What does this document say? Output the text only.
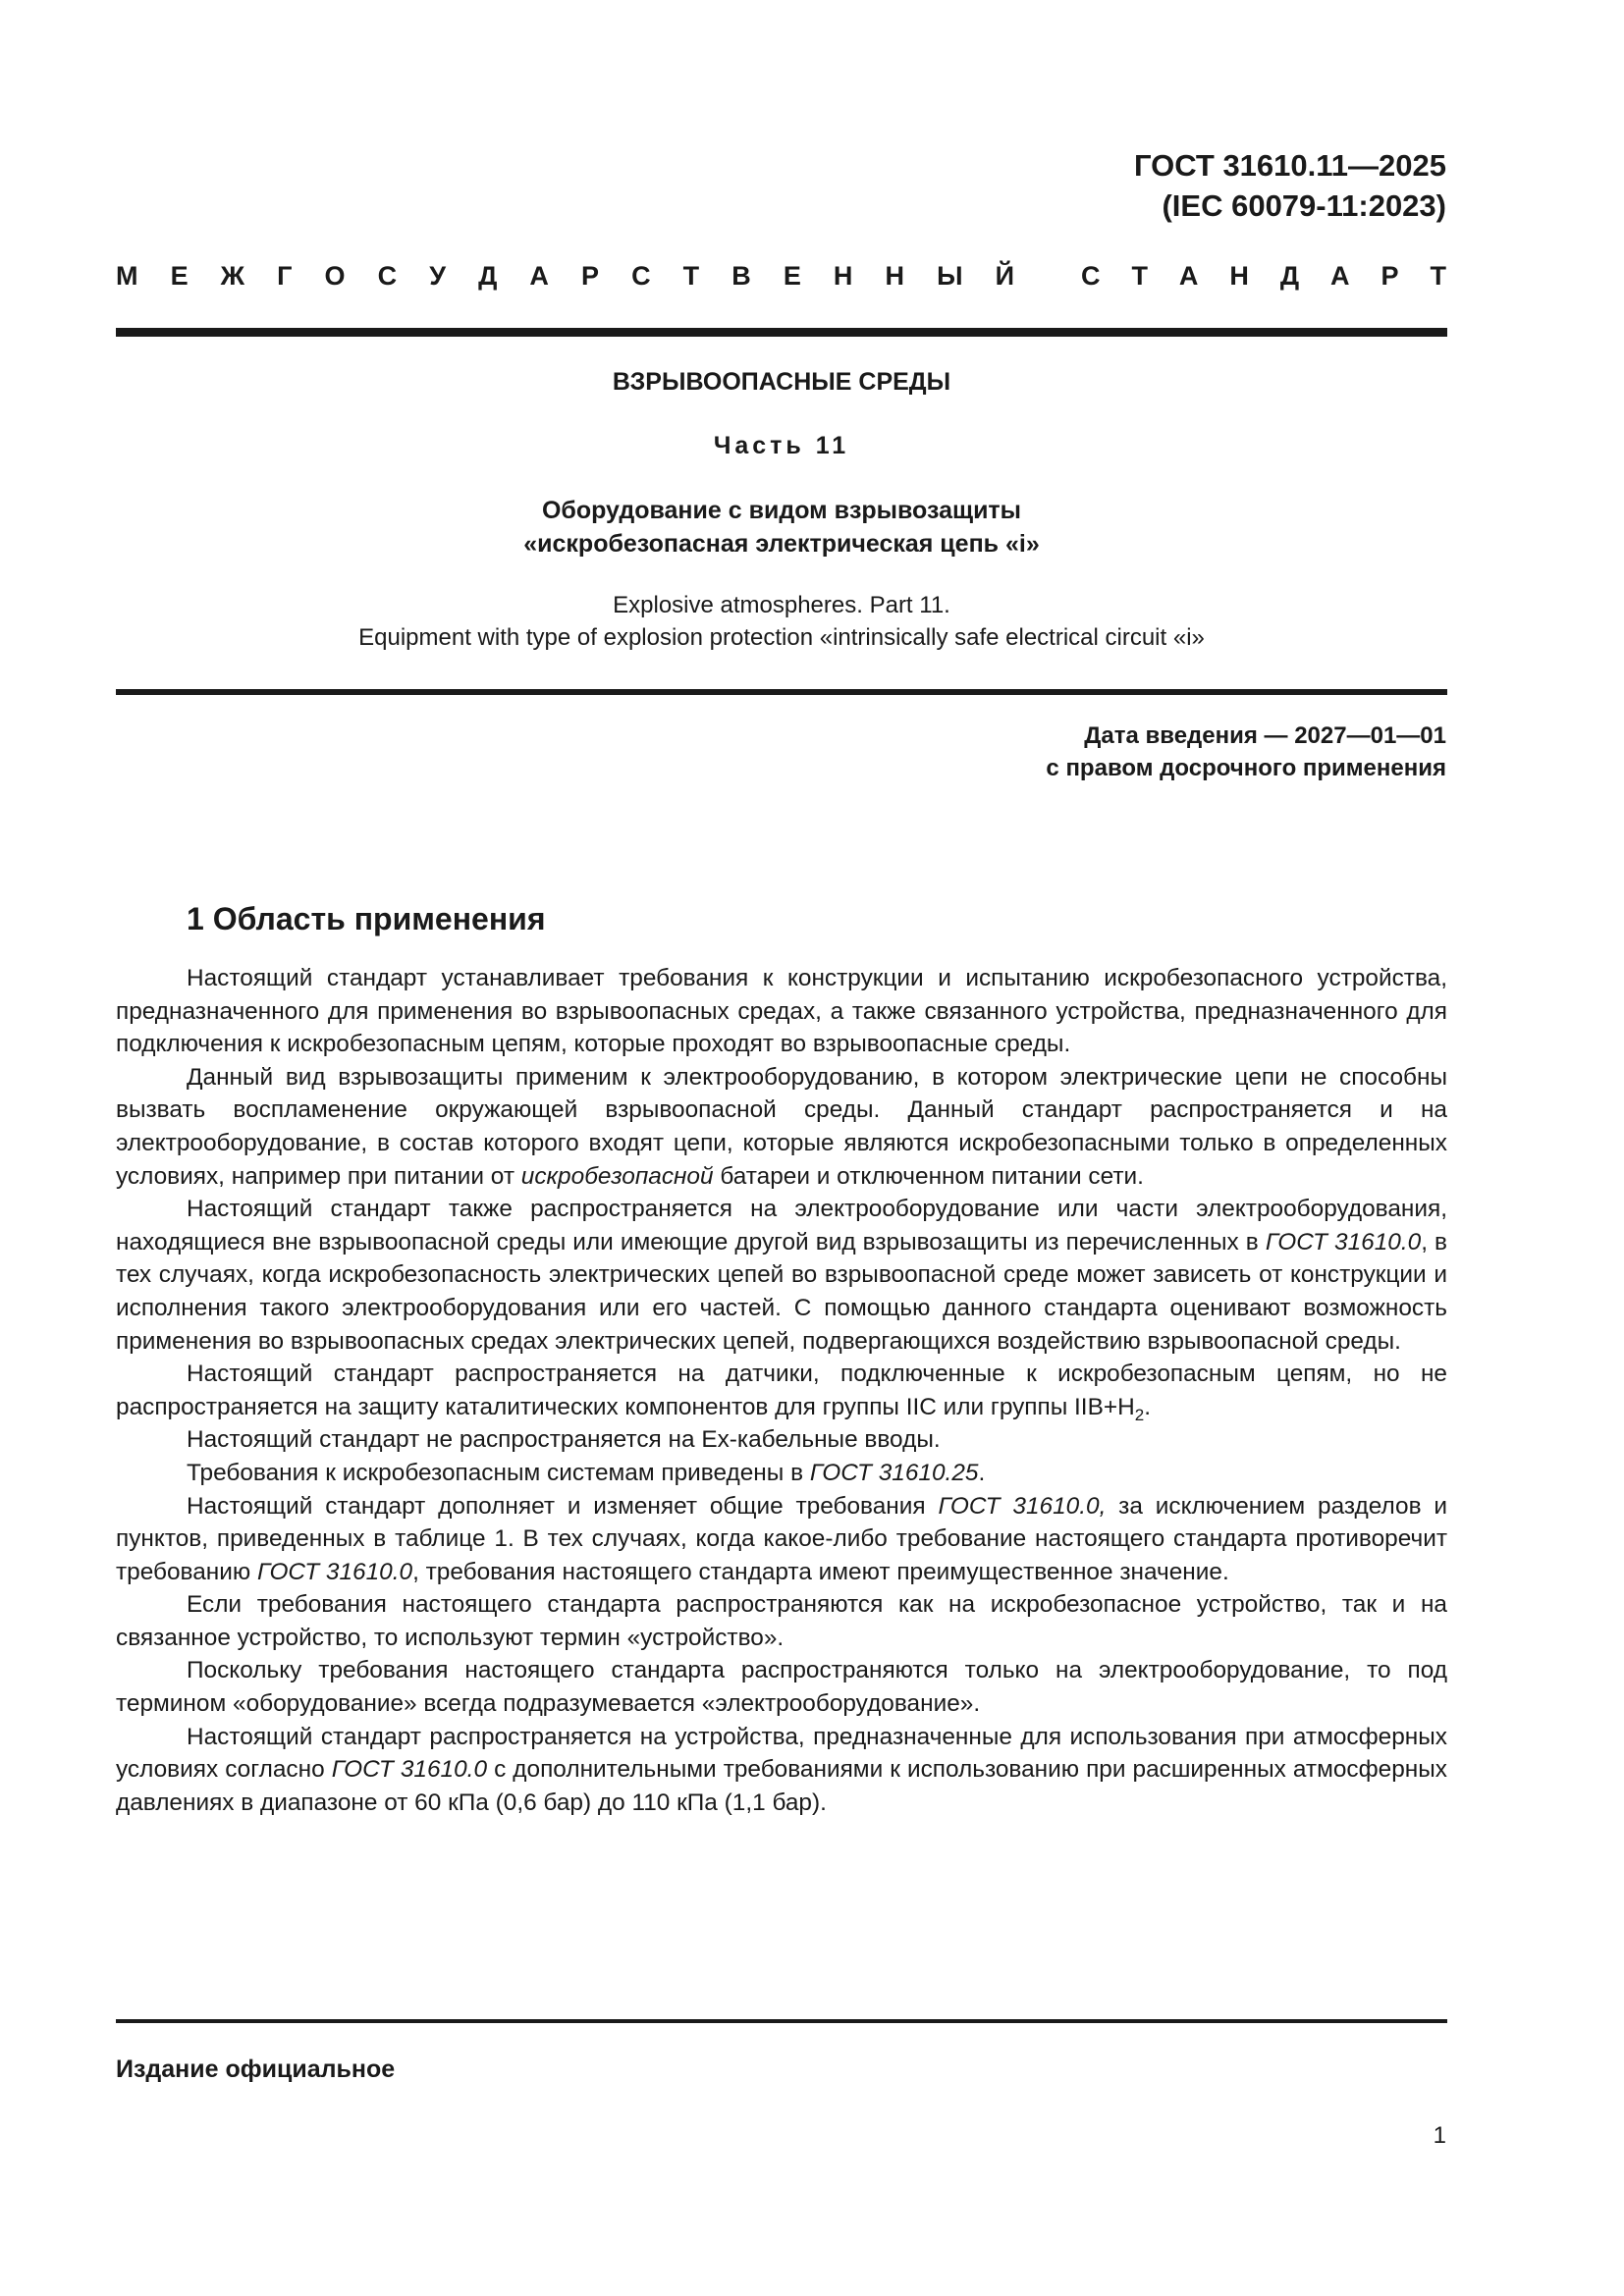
ГОСТ 31610.11—2025
(IEC 60079-11:2023)
М Е Ж Г О С У Д А Р С Т В Е Н Н Ы Й	С Т А Н Д А Р Т
ВЗРЫВООПАСНЫЕ СРЕДЫ
Часть 11
Оборудование с видом взрывозащиты
«искробезопасная электрическая цепь «i»
Explosive atmospheres. Part 11.
Equipment with type of explosion protection «intrinsically safe electrical circuit «i»
Дата введения — 2027—01—01
с правом досрочного применения
1 Область применения

Настоящий стандарт устанавливает требования к конструкции и испытанию искробезопасного устройства, предназначенного для применения во взрывоопасных средах, а также связанного устройства, предназначенного для подключения к искробезопасным цепям, которые проходят во взрывоопасные среды.

Данный вид взрывозащиты применим к электрооборудованию, в котором электрические цепи не способны вызвать воспламенение окружающей взрывоопасной среды. Данный стандарт распространяется и на электрооборудование, в состав которого входят цепи, которые являются искробезопасными только в определенных условиях, например при питании от искробезопасной батареи и отключенном питании сети.

Настоящий стандарт также распространяется на электрооборудование или части электрооборудования, находящиеся вне взрывоопасной среды или имеющие другой вид взрывозащиты из перечисленных в ГОСТ 31610.0, в тех случаях, когда искробезопасность электрических цепей во взрывоопасной среде может зависеть от конструкции и исполнения такого электрооборудования или его частей. С помощью данного стандарта оценивают возможность применения во взрывоопасных средах электрических цепей, подвергающихся воздействию взрывоопасной среды.

Настоящий стандарт распространяется на датчики, подключенные к искробезопасным цепям, но не распространяется на защиту каталитических компонентов для группы IIC или группы $IIB+H_2$.

Настоящий стандарт не распространяется на Ex-кабельные вводы.

Требования к искробезопасным системам приведены в ГОСТ 31610.25.

Настоящий стандарт дополняет и изменяет общие требования ГОСТ 31610.0, за исключением разделов и пунктов, приведенных в таблице 1. В тех случаях, когда какое-либо требование настоящего стандарта противоречит требованию ГОСТ 31610.0, требования настоящего стандарта имеют преимущественное значение.

Если требования настоящего стандарта распространяются как на искробезопасное устройство, так и на связанное устройство, то используют термин «устройство».

Поскольку требования настоящего стандарта распространяются только на электрооборудование, то под термином «оборудование» всегда подразумевается «электрооборудование».

Настоящий стандарт распространяется на устройства, предназначенные для использования при атмосферных условиях согласно ГОСТ 31610.0 с дополнительными требованиями к использованию при расширенных атмосферных давлениях в диапазоне от 60 кПа (0,6 бар) до 110 кПа (1,1 бар).

Издание официальное
1
